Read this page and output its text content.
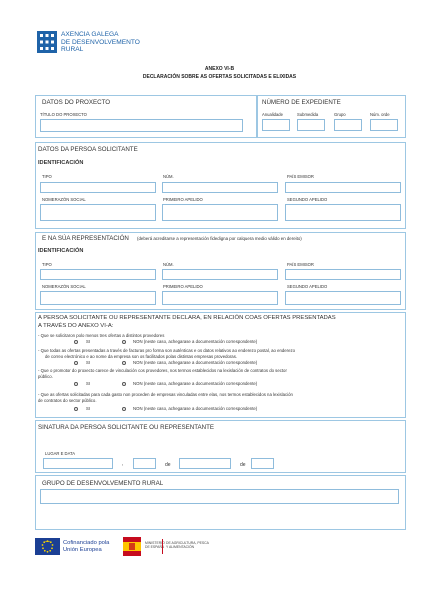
AXENCIA GALEGA
DE DESENVOLVEMENTO
RURAL
ANEXO VI-B
DECLARACIÓN SOBRE AS OFERTAS SOLICITADAS E ELIXIDAS
DATOS DO PROXECTO
TÍTULO DO PROXECTO
NÚMERO DE EXPEDIENTE
Anualidade	Submedida	Grupo	Núm. orde
DATOS DA PERSOA SOLICITANTE
IDENTIFICACIÓN
TIPO	NÚM.	PAÍS EMISOR
NOMERAZÓN SOCIAL	PRIMEIRO APELIDO	SEGUNDO APELIDO
E NA SÚA REPRESENTACIÓN (deberá acreditarse a representación fidedigna por calquera medio válido en dereito)
IDENTIFICACIÓN
TIPO	NÚM.	PAÍS EMISOR
NOMERAZÓN SOCIAL	PRIMEIRO APELIDO	SEGUNDO APELIDO
A PERSOA SOLICITANTE OU REPRESENTANTE DECLARA, EN RELACIÓN COAS OFERTAS PRESENTADAS
A TRAVÉS DO ANEXO VI-A:
- Que se solicitaron polo menos tres ofertas a distintos provedores
SI	NON (neste caso, achegarase a documentación correspondente)
- Que todas as ofertas presentadas a través de facturas pro forma son auténticas e os datos relativos ao enderezo postal, ao enderezo
de correo electrónico e ao nome da empresa son os facilitados polas distintas empresas provedoras.
SI	NON (neste caso, achegarase a documentación correspondente)
- Que o promotor do proxecto carece de vinculación cos provedores, nos termos establecidos na lexislación de contratos do sector
público.
SI	NON (neste caso, achegarase a documentación correspondente)
- Que as ofertas solicitadas para cada gasto non proceden de empresas vinculadas entre elas, nos termos establecidos na lexislación
de contratos do sector público.
SI	NON (neste caso, achegarase a documentación correspondente)
SINATURA DA PERSOA SOLICITANTE OU REPRESENTANTE
LUGAR E DATA
,	de	de
GRUPO DE DESENVOLVEMENTO RURAL
Cofinanciado pola
Unión Europea
MINISTERIO
DE ESPAÑA
DE AGRICULTURA, PESCA
Y ALIMENTACIÓN
